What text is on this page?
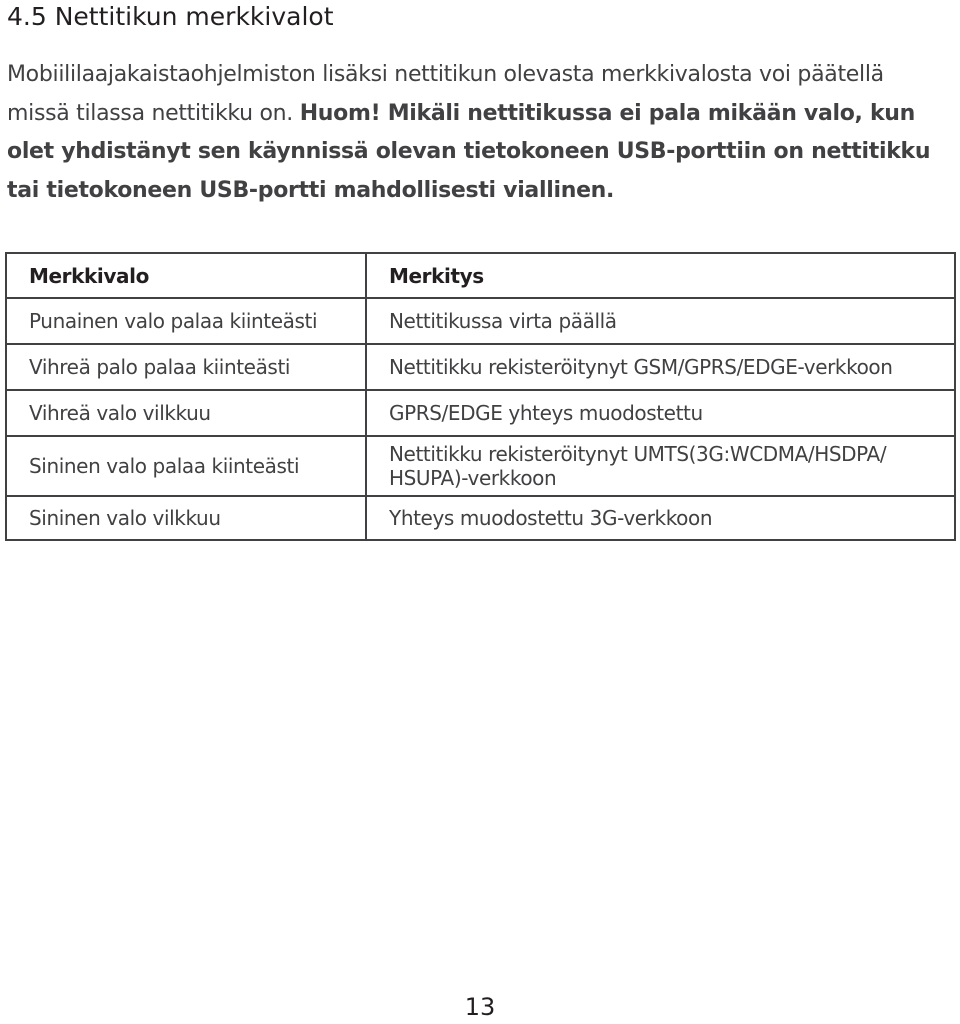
4.5 Nettitikun merkkivalot

Mobiililaajakaistaohjelmiston lisäksi nettitikun olevasta merkkivalosta voi päätellä missä tilassa nettitikku on. Huom! Mikäli nettitikussa ei pala mikään valo, kun olet yhdistänyt sen käynnissä olevan tietokoneen USB-porttiin on nettitikku tai tietokoneen USB-portti mahdollisesti viallinen.

Merkkivalo	Merkitys
Punainen valo palaa kiinteästi	Nettitikussa virta päällä
Vihreä palo palaa kiinteästi	Nettitikku rekisteröitynyt GSM/GPRS/EDGE-verkkoon
Vihreä valo vilkkuu	GPRS/EDGE yhteys muodostettu
Sininen valo palaa kiinteästi	Nettitikku rekisteröitynyt UMTS(3G:WCDMA/HSDPA/ HSUPA)-verkkoon
Sininen valo vilkkuu	Yhteys muodostettu 3G-verkkoon
13
